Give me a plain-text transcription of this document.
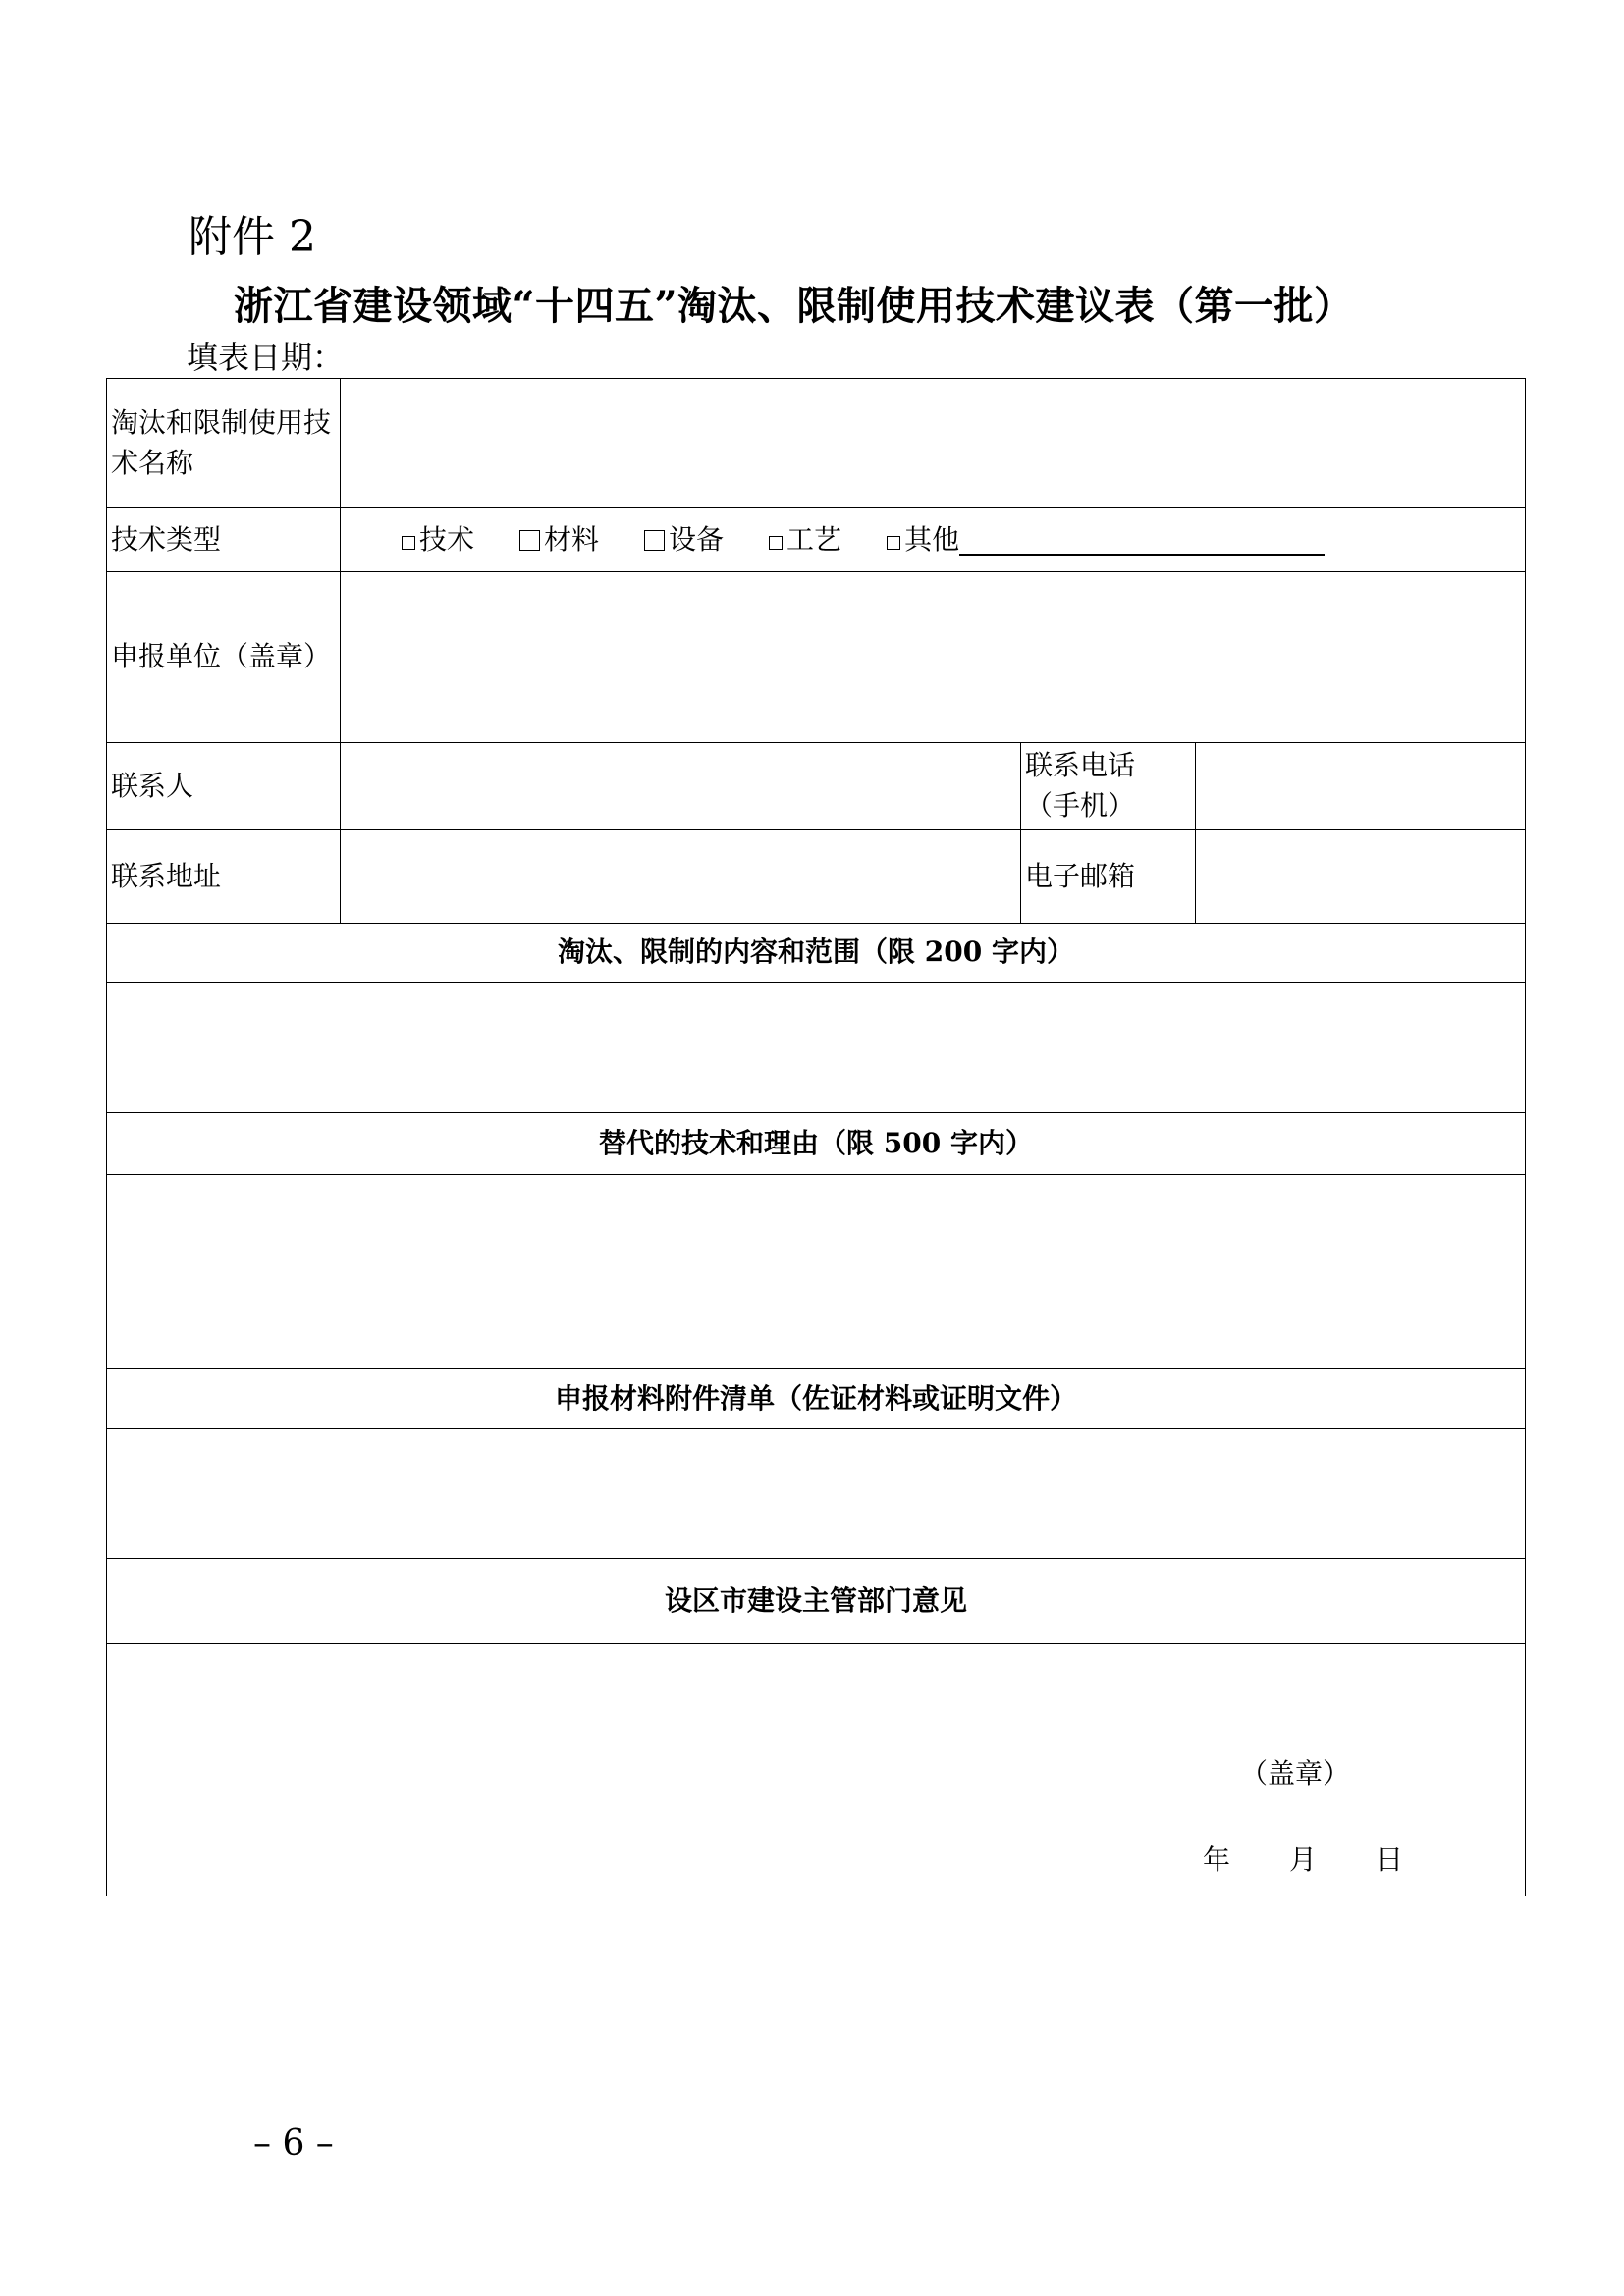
附件 2
浙江省建设领域“十四五”淘汰、限制使用技术建议表（第一批）
填表日期：
淘汰和限制使用技术名称			
技术类型	技术 材料 设备 工艺 其他		

申报单位（盖章）			
联系人		联系电话
（手机）	

联系地址		电子邮箱	
淘汰、限制的内容和范围（限 200 字内）			

替代的技术和理由（限 500 字内）			

申报材料附件清单（佐证材料或证明文件）			

设区市建设主管部门意见			

（盖章）
年 月 日			
– 6 –
